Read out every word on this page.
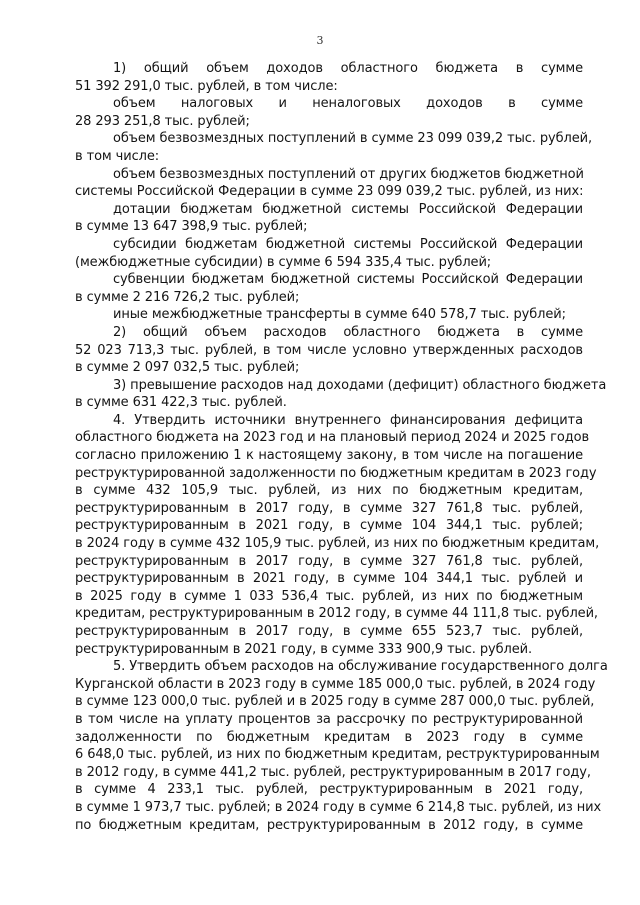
3
1) общий объем доходов областного бюджета в сумме
51 392 291,0 тыс. рублей, в том числе:
объем налоговых и неналоговых доходов в сумме
28 293 251,8 тыс. рублей;
объем безвозмездных поступлений в сумме 23 099 039,2 тыс. рублей,
в том числе:
объем безвозмездных поступлений от других бюджетов бюджетной
системы Российской Федерации в сумме 23 099 039,2 тыс. рублей, из них:
дотации бюджетам бюджетной системы Российской Федерации
в сумме 13 647 398,9 тыс. рублей;
субсидии бюджетам бюджетной системы Российской Федерации
(межбюджетные субсидии) в сумме 6 594 335,4 тыс. рублей;
субвенции бюджетам бюджетной системы Российской Федерации
в сумме 2 216 726,2 тыс. рублей;
иные межбюджетные трансферты в сумме 640 578,7 тыс. рублей;
2) общий объем расходов областного бюджета в сумме
52 023 713,3 тыс. рублей, в том числе условно утвержденных расходов
в сумме 2 097 032,5 тыс. рублей;
3) превышение расходов над доходами (дефицит) областного бюджета
в сумме 631 422,3 тыс. рублей.
4. Утвердить источники внутреннего финансирования дефицита
областного бюджета на 2023 год и на плановый период 2024 и 2025 годов
согласно приложению 1 к настоящему закону, в том числе на погашение
реструктурированной задолженности по бюджетным кредитам в 2023 году
в сумме 432 105,9 тыс. рублей, из них по бюджетным кредитам,
реструктурированным в 2017 году, в сумме 327 761,8 тыс. рублей,
реструктурированным в 2021 году, в сумме 104 344,1 тыс. рублей;
в 2024 году в сумме 432 105,9 тыс. рублей, из них по бюджетным кредитам,
реструктурированным в 2017 году, в сумме 327 761,8 тыс. рублей,
реструктурированным в 2021 году, в сумме 104 344,1 тыс. рублей и
в 2025 году в сумме 1 033 536,4 тыс. рублей, из них по бюджетным
кредитам, реструктурированным в 2012 году, в сумме 44 111,8 тыс. рублей,
реструктурированным в 2017 году, в сумме 655 523,7 тыс. рублей,
реструктурированным в 2021 году, в сумме 333 900,9 тыс. рублей.
5. Утвердить объем расходов на обслуживание государственного долга
Курганской области в 2023 году в сумме 185 000,0 тыс. рублей, в 2024 году
в сумме 123 000,0 тыс. рублей и в 2025 году в сумме 287 000,0 тыс. рублей,
в том числе на уплату процентов за рассрочку по реструктурированной
задолженности по бюджетным кредитам в 2023 году в сумме
6 648,0 тыс. рублей, из них по бюджетным кредитам, реструктурированным
в 2012 году, в сумме 441,2 тыс. рублей, реструктурированным в 2017 году,
в сумме 4 233,1 тыс. рублей, реструктурированным в 2021 году,
в сумме 1 973,7 тыс. рублей; в 2024 году в сумме 6 214,8 тыс. рублей, из них
по бюджетным кредитам, реструктурированным в 2012 году, в сумме
